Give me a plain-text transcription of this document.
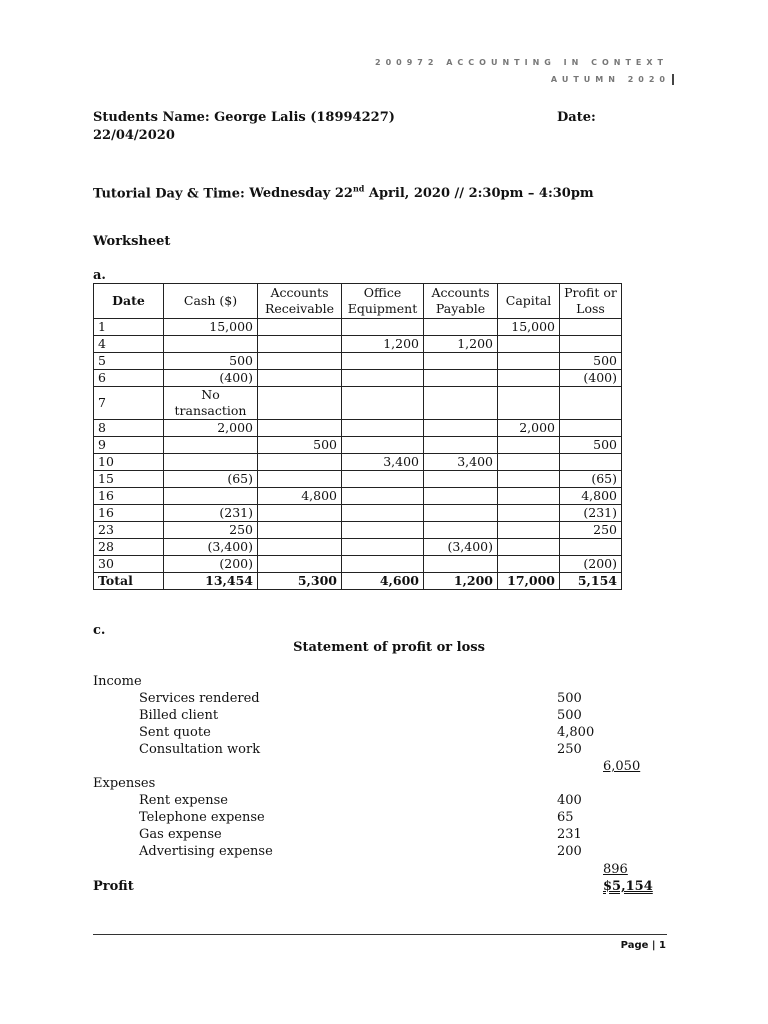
200972 ACCOUNTING IN CONTEXT
AUTUMN 2020
Students Name: George Lalis (18994227)	Date:
22/04/2020
Tutorial Day & Time: Wednesday 22nd April, 2020 // 2:30pm – 4:30pm
Worksheet
a.
Date	Cash ($)	Accounts Receivable	Office Equipment	Accounts Payable	Capital	Profit or Loss
1	15,000				15,000	
4			1,200	1,200		
5	500					500
6	(400)					(400)
7	No transaction					
8	2,000				2,000	
9		500				500
10			3,400	3,400		
15	(65)					(65)
16		4,800				4,800
16	(231)					(231)
23	250					250
28	(3,400)			(3,400)		
30	(200)					(200)
Total	13,454	5,300	4,600	1,200	17,000	5,154
c.
Statement of profit or loss
Income
Services rendered	500
Billed client	500
Sent quote	4,800
Consultation work	250
6,050
Expenses
Rent expense	400
Telephone expense	65
Gas expense	231
Advertising expense	200
896
Profit	$5,154
Page | 1
